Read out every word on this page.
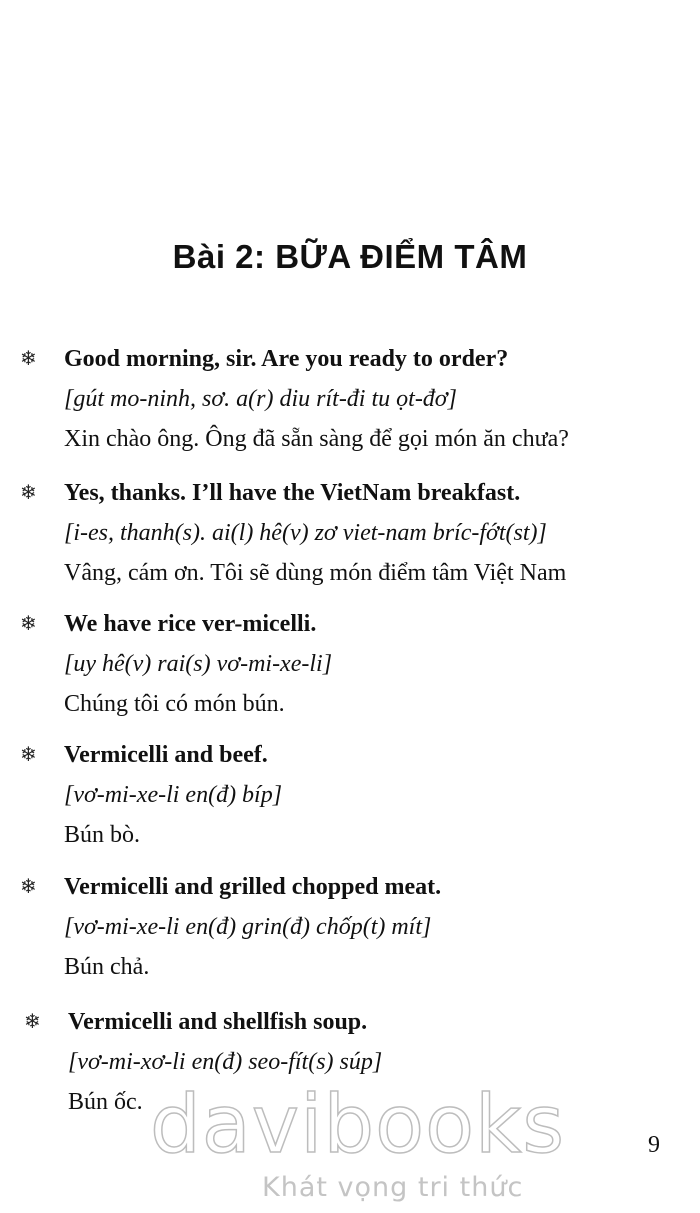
Bài 2: BỮA ĐIỂM TÂM
❄ Good morning, sir. Are you ready to order?
[gút mo-ninh, sơ. a(r) diu rít-đi tu ọt-đơ]
Xin chào ông. Ông đã sẵn sàng để gọi món ăn chưa?
❄ Yes, thanks. I’ll have the VietNam breakfast.
[i-es, thanh(s). ai(l) hê(v) zơ viet-nam bríc-fớt(st)]
Vâng, cám ơn. Tôi sẽ dùng món điểm tâm Việt Nam
❄ We have rice ver-micelli.
[uy hê(v) rai(s) vơ-mi-xe-li]
Chúng tôi có món bún.
❄ Vermicelli and beef.
[vơ-mi-xe-li en(đ) bíp]
Bún bò.
❄ Vermicelli and grilled chopped meat.
[vơ-mi-xe-li en(đ) grin(đ) chốp(t) mít]
Bún chả.
❄ Vermicelli and shellfish soup.
[vơ-mi-xơ-li en(đ) seo-fít(s) súp]
Bún ốc. davibooks
Khát vọng tri thức
9
